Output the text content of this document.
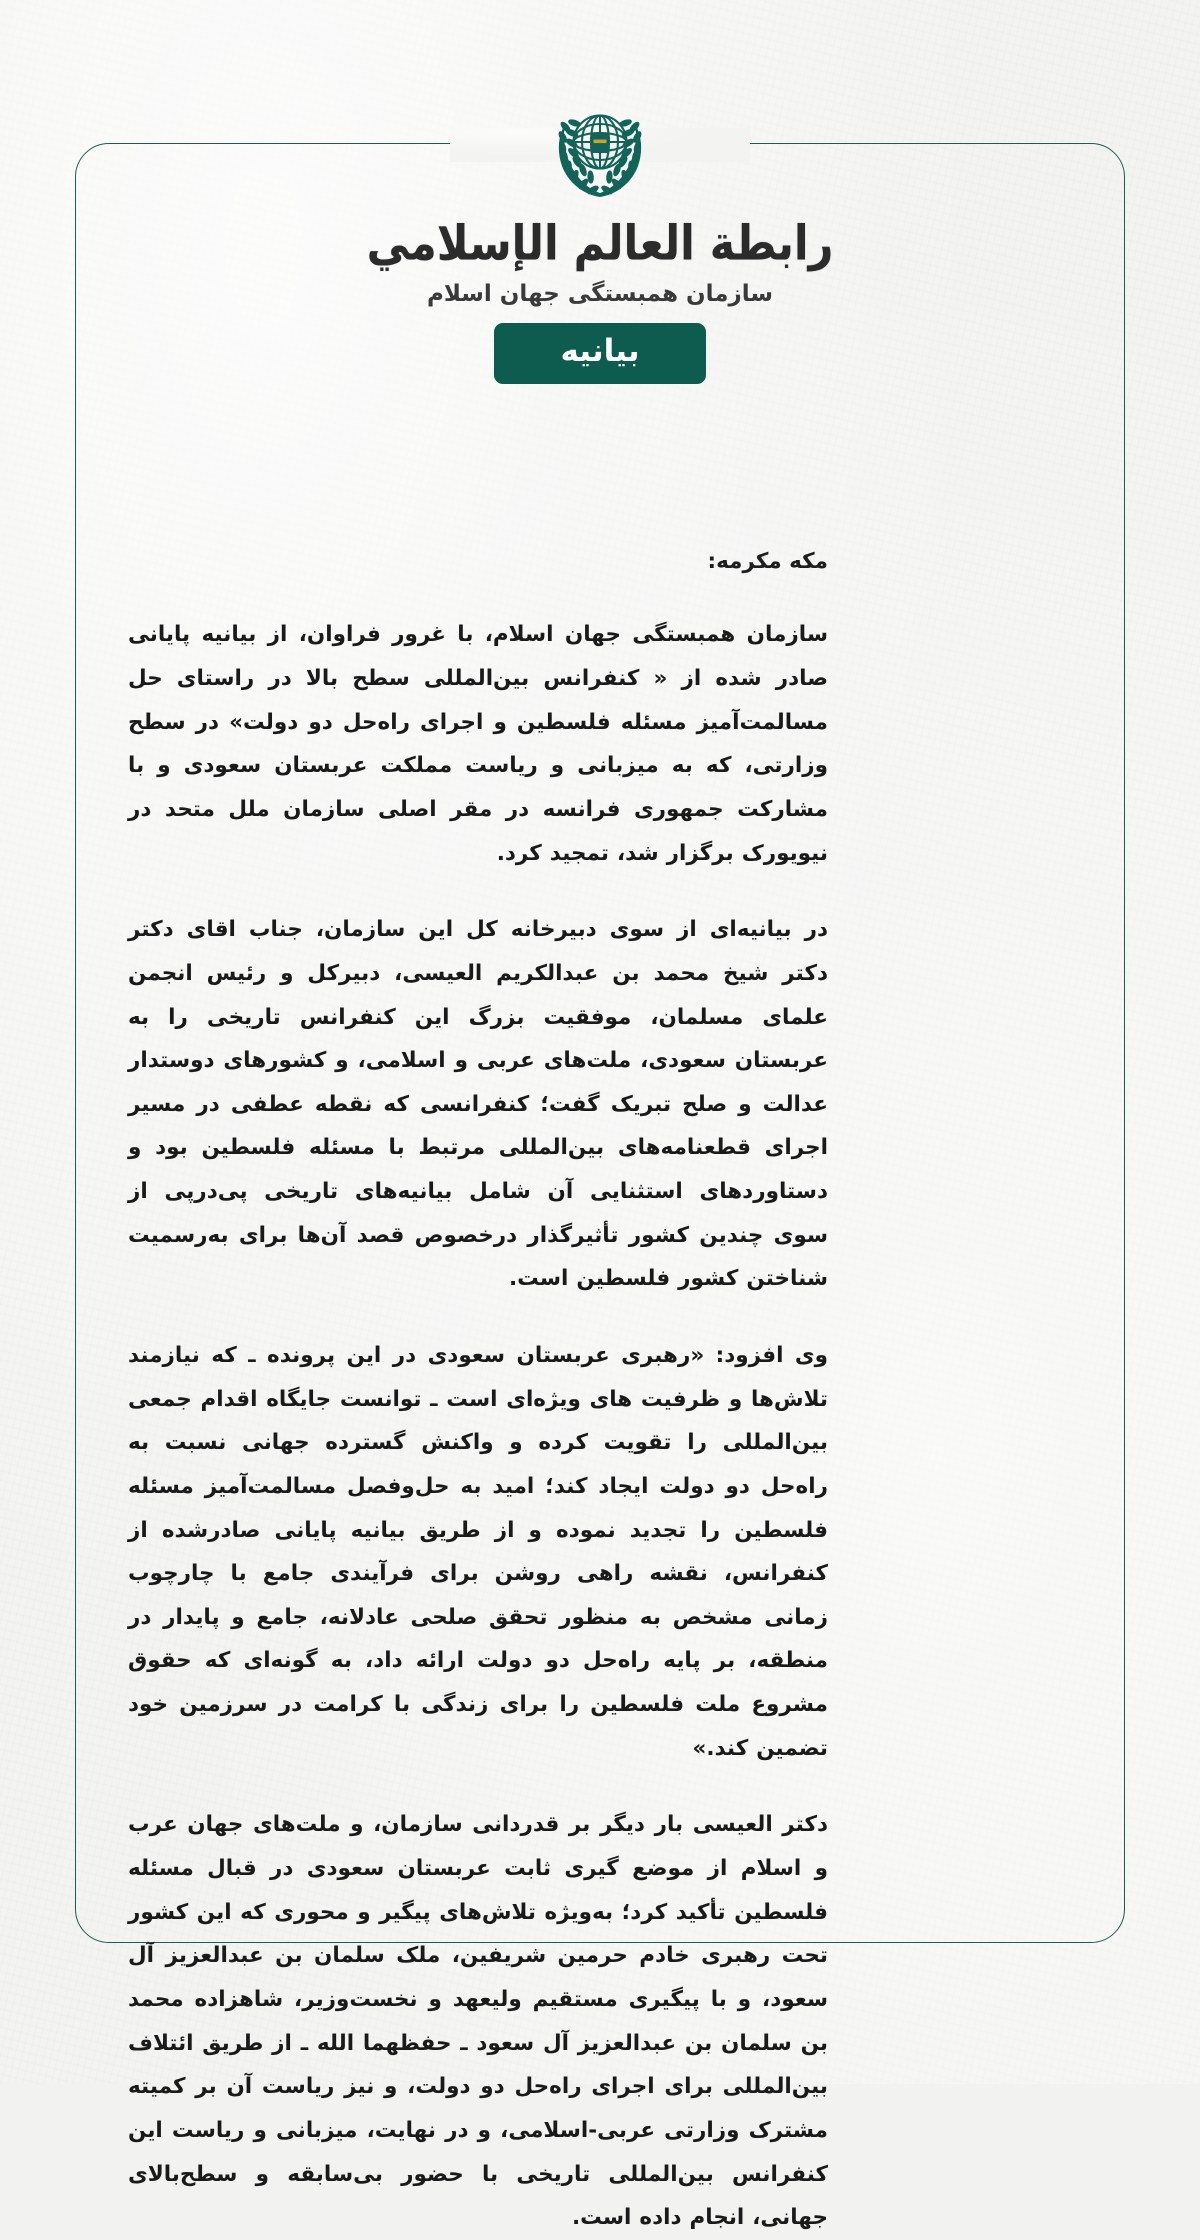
رابطة العالم الإسلامي
سازمان همبستگی جهان اسلام
بیانیه
مکه مکرمه:

سازمان همبستگی جهان اسلام، با غرور فراوان، از بیانیه پایانی صادر شده از « کنفرانس بین‌المللی سطح بالا در راستای حل مسالمت‌آمیز مسئله فلسطین و اجرای راه‌حل دو دولت» در سطح وزارتی، که به میزبانی و ریاست مملکت عربستان سعودی و با مشارکت جمهوری فرانسه در مقر اصلی سازمان ملل متحد در نیویورک برگزار شد، تمجید کرد.

در بیانیه‌ای از سوی دبیرخانه کل این سازمان، جناب اقای دکتر دکتر شیخ محمد بن عبدالکریم العیسی، دبیرکل و رئیس انجمن علمای مسلمان، موفقیت بزرگ این کنفرانس تاریخی را به عربستان سعودی، ملت‌های عربی و اسلامی، و کشورهای دوستدار عدالت و صلح تبریک گفت؛ کنفرانسی که نقطه عطفی در مسیر اجرای قطعنامه‌های بین‌المللی مرتبط با مسئله فلسطین بود و دستاوردهای استثنایی آن شامل بیانیه‌های تاریخی پی‌درپی از سوی چندین کشور تأثیرگذار درخصوص قصد آن‌ها برای به‌رسمیت شناختن کشور فلسطین است.

وی افزود: «رهبری عربستان سعودی در این پرونده ـ که نیازمند تلاش‌ها و ظرفیت های ویژه‌ای است ـ توانست جایگاه اقدام جمعی بین‌المللی را تقویت کرده و واکنش گسترده جهانی نسبت به راه‌حل دو دولت ایجاد کند؛ امید به حل‌وفصل مسالمت‌آمیز مسئله فلسطین را تجدید نموده و از طریق بیانیه پایانی صادرشده از کنفرانس، نقشه راهی روشن برای فرآیندی جامع با چارچوب زمانی مشخص به منظور تحقق صلحی عادلانه، جامع و پایدار در منطقه، بر پایه راه‌حل دو دولت ارائه داد، به گونه‌ای که حقوق مشروع ملت فلسطین را برای زندگی با کرامت در سرزمین خود تضمین کند.»

دکتر العیسی بار دیگر بر قدردانی سازمان، و ملت‌های جهان عرب و اسلام از موضع گیری ثابت عربستان سعودی در قبال مسئله فلسطین تأکید کرد؛ به‌ویژه تلاش‌های پیگیر و محوری که این کشور تحت رهبری خادم حرمین شریفین، ملک سلمان بن عبدالعزیز آل سعود، و با پیگیری مستقیم ولیعهد و نخست‌وزیر، شاهزاده محمد بن سلمان بن عبدالعزیز آل سعود ـ حفظهما الله ـ از طریق ائتلاف بین‌المللی برای اجرای راه‌حل دو دولت، و نیز ریاست آن بر کمیته مشترک وزارتی عربی-اسلامی، و در نهایت، میزبانی و ریاست این کنفرانس بین‌المللی تاریخی با حضور بی‌سابقه و سطح‌بالای جهانی، انجام داده است.
